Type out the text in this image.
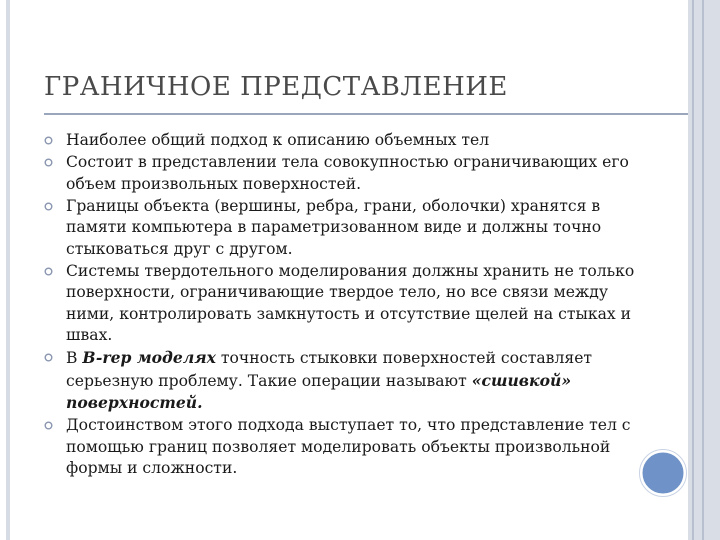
ГРАНИЧНОЕ ПРЕДСТАВЛЕНИЕ
Наиболее общий подход к описанию объемных тел
Состоит в представлении тела совокупностью ограничивающих его объем произвольных поверхностей.
Границы объекта (вершины, ребра, грани, оболочки) хранятся в памяти компьютера в параметризованном виде и должны точно стыковаться друг с другом.
Системы твердотельного моделирования должны хранить не только поверхности, ограничивающие твердое тело, но все связи между ними, контролировать замкнутость и отсутствие щелей на стыках и швах.
В B-rep моделях точность стыковки поверхностей составляет серьезную проблему. Такие операции называют «сшивкой» поверхностей.
Достоинством этого подхода выступает то, что представление тел с помощью границ позволяет моделировать объекты произвольной формы и сложности.
